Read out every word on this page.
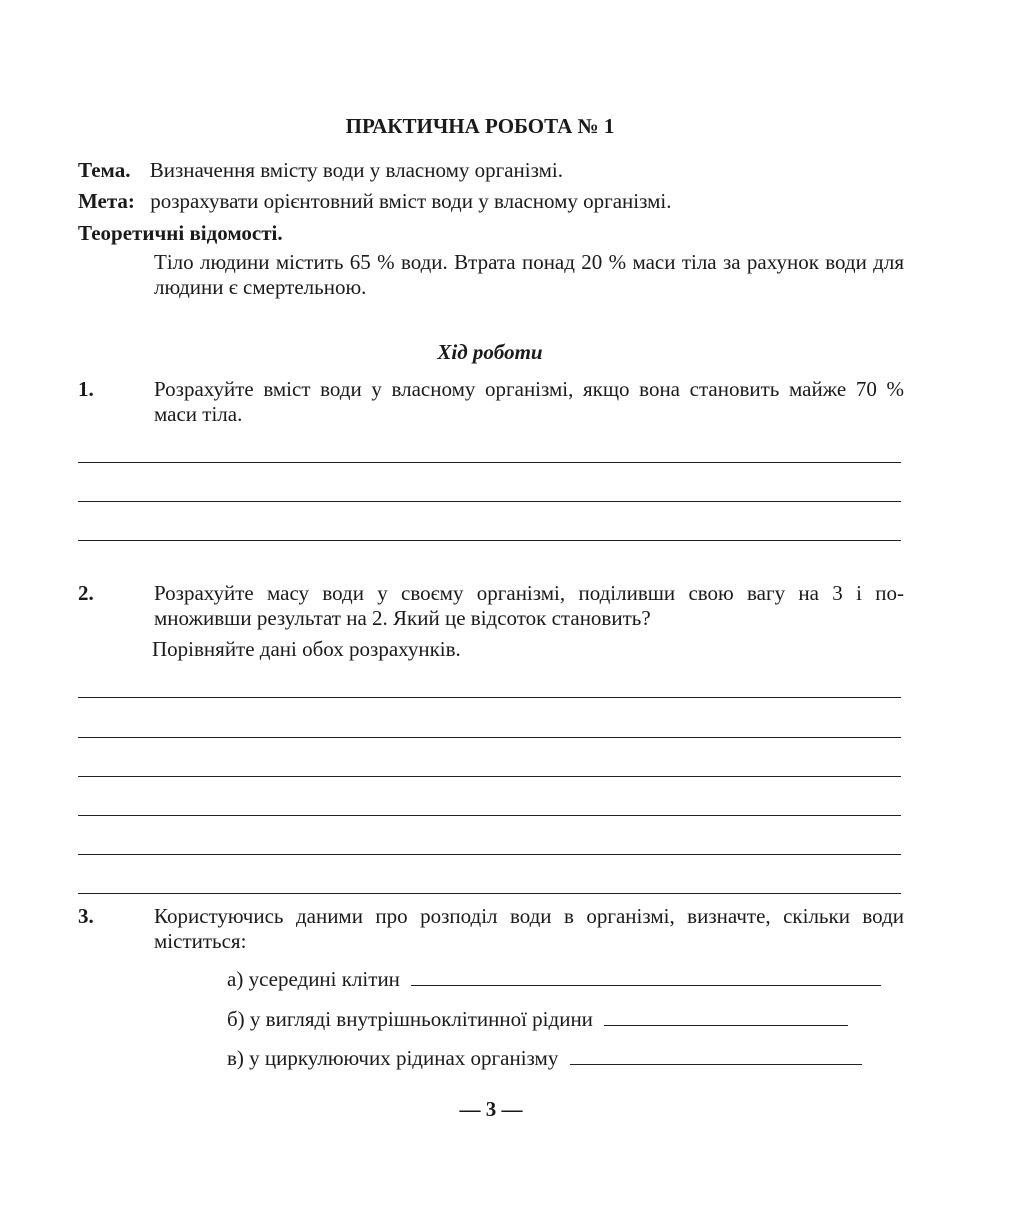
ПРАКТИЧНА РОБОТА № 1
Тема. Визначення вмісту води у власному організмі.
Мета: розрахувати орієнтовний вміст води у власному організмі.
Теоретичні відомості.
Тіло людини містить 65 % води. Втрата понад 20 % маси тіла за рахунок води для людини є смертельною.
Хід роботи
1.	Розрахуйте вміст води у власному організмі, якщо вона становить майже 70 % маси тіла.
2.	Розрахуйте масу води у своєму організмі, поділивши свою вагу на 3 і по-множивши результат на 2. Який це відсоток становить?
Порівняйте дані обох розрахунків.
3.	Користуючись даними про розподіл води в організмі, визначте, скільки води міститься:
а) усередині клітин
б) у вигляді внутрішньоклітинної рідини
в) у циркулюючих рідинах організму
— 3 —
